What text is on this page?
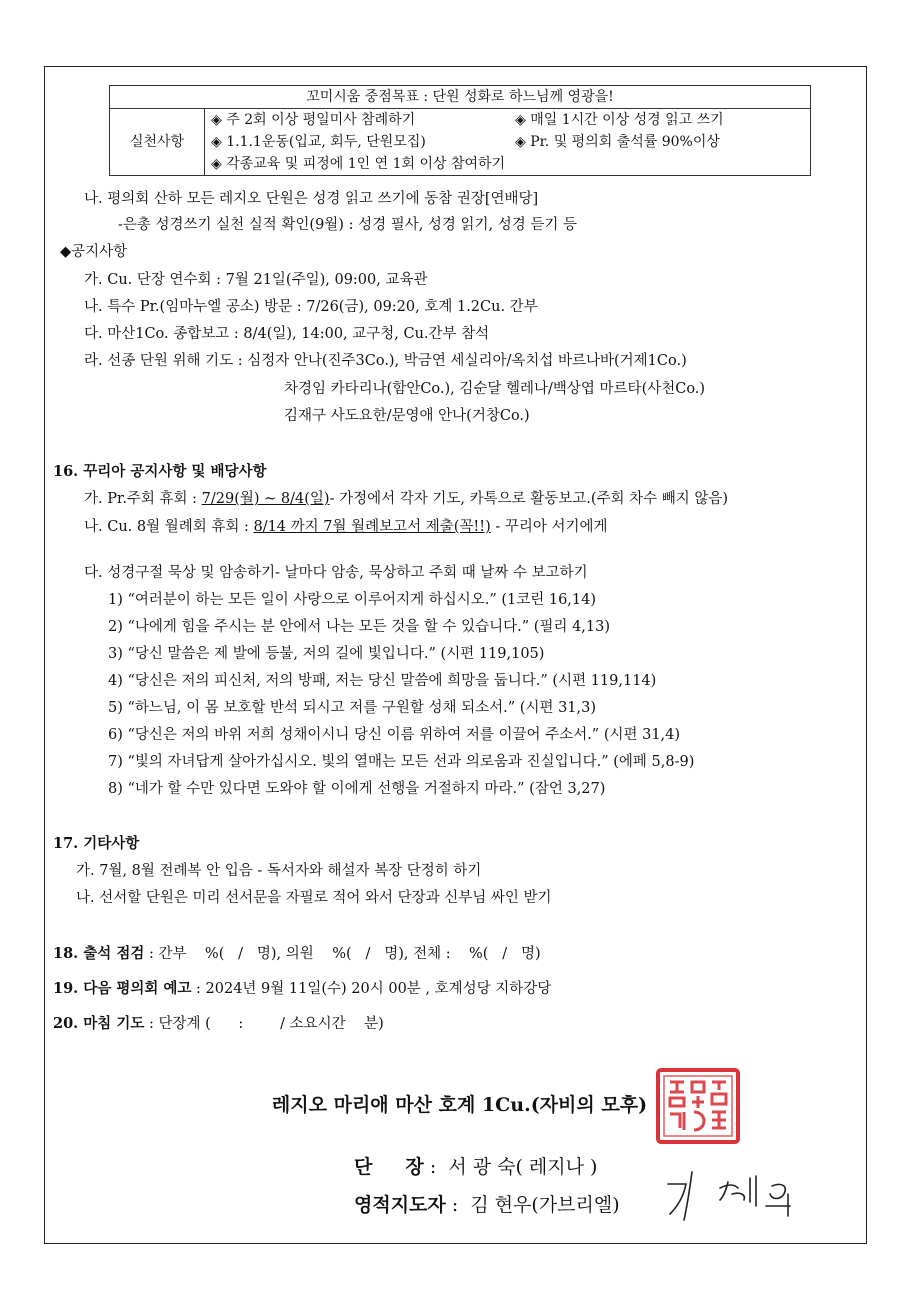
꼬미시움 중점목표 : 단원 성화로 하느님께 영광을!
실천사항	
◈ 주 2회 이상 평일미사 참례하기	◈ 매일 1시간 이상 성경 읽고 쓰기
◈ 1.1.1운동(입교, 회두, 단원모집)	◈ Pr. 및 평의회 출석률 90%이상
◈ 각종교육 및 피정에 1인 연 1회 이상 참여하기
나. 평의회 산하 모든 레지오 단원은 성경 읽고 쓰기에 동참 권장[연배당]
-은총 성경쓰기 실천 실적 확인(9월) : 성경 필사, 성경 읽기, 성경 듣기 등
◆공지사항
가. Cu. 단장 연수회 : 7월 21일(주일), 09:00, 교육관
나. 특수 Pr.(임마누엘 공소) 방문 : 7/26(금), 09:20, 호계 1.2Cu. 간부
다. 마산1Co. 종합보고 : 8/4(일), 14:00, 교구청, Cu.간부 참석
라. 선종 단원 위해 기도 : 심정자 안나(진주3Co.), 박금연 세실리아/옥치섭 바르나바(거제1Co.)
차경임 카타리나(함안Co.), 김순달 헬레나/백상엽 마르타(사천Co.)
김재구 사도요한/문영애 안나(거창Co.)
16. 꾸리아 공지사항 및 배당사항
가. Pr.주회 휴회 : 7/29(월) ~ 8/4(일)- 가정에서 각자 기도, 카톡으로 활동보고.(주회 차수 빼지 않음)
나. Cu. 8월 월례회 휴회 : 8/14 까지 7월 월례보고서 제출(꼭!!) - 꾸리아 서기에게
다. 성경구절 묵상 및 암송하기- 날마다 암송, 묵상하고 주회 때 날짜 수 보고하기
1) “여러분이 하는 모든 일이 사랑으로 이루어지게 하십시오.” (1코린 16,14)
2) “나에게 힘을 주시는 분 안에서 나는 모든 것을 할 수 있습니다.” (필리 4,13)
3) “당신 말씀은 제 발에 등불, 저의 길에 빛입니다.” (시편 119,105)
4) “당신은 저의 피신처, 저의 방패, 저는 당신 말씀에 희망을 둡니다.” (시편 119,114)
5) “하느님, 이 몸 보호할 반석 되시고 저를 구원할 성채 되소서.” (시편 31,3)
6) “당신은 저의 바위 저희 성채이시니 당신 이름 위하여 저를 이끌어 주소서.” (시편 31,4)
7) “빛의 자녀답게 살아가십시오. 빛의 열매는 모든 선과 의로움과 진실입니다.” (에페 5,8-9)
8) “네가 할 수만 있다면 도와야 할 이에게 선행을 거절하지 마라.” (잠언 3,27)
17. 기타사항
가. 7월, 8월 전례복 안 입음 - 독서자와 해설자 복장 단정히 하기
나. 선서할 단원은 미리 선서문을 자필로 적어 와서 단장과 신부님 싸인 받기
18. 출석 점검 : 간부    %(   /   명), 의원    %(   /   명), 전체 :    %(   /   명)
19. 다음 평의회 예고 : 2024년 9월 11일(수) 20시 00분 , 호계성당 지하강당
20. 마침 기도 : 단장계 (      :        / 소요시간    분)
레지오 마리애 마산 호계 1Cu.(자비의 모후)
단     장 :  서 광 숙( 레지나 )
영적지도자 :  김 현우(가브리엘)
